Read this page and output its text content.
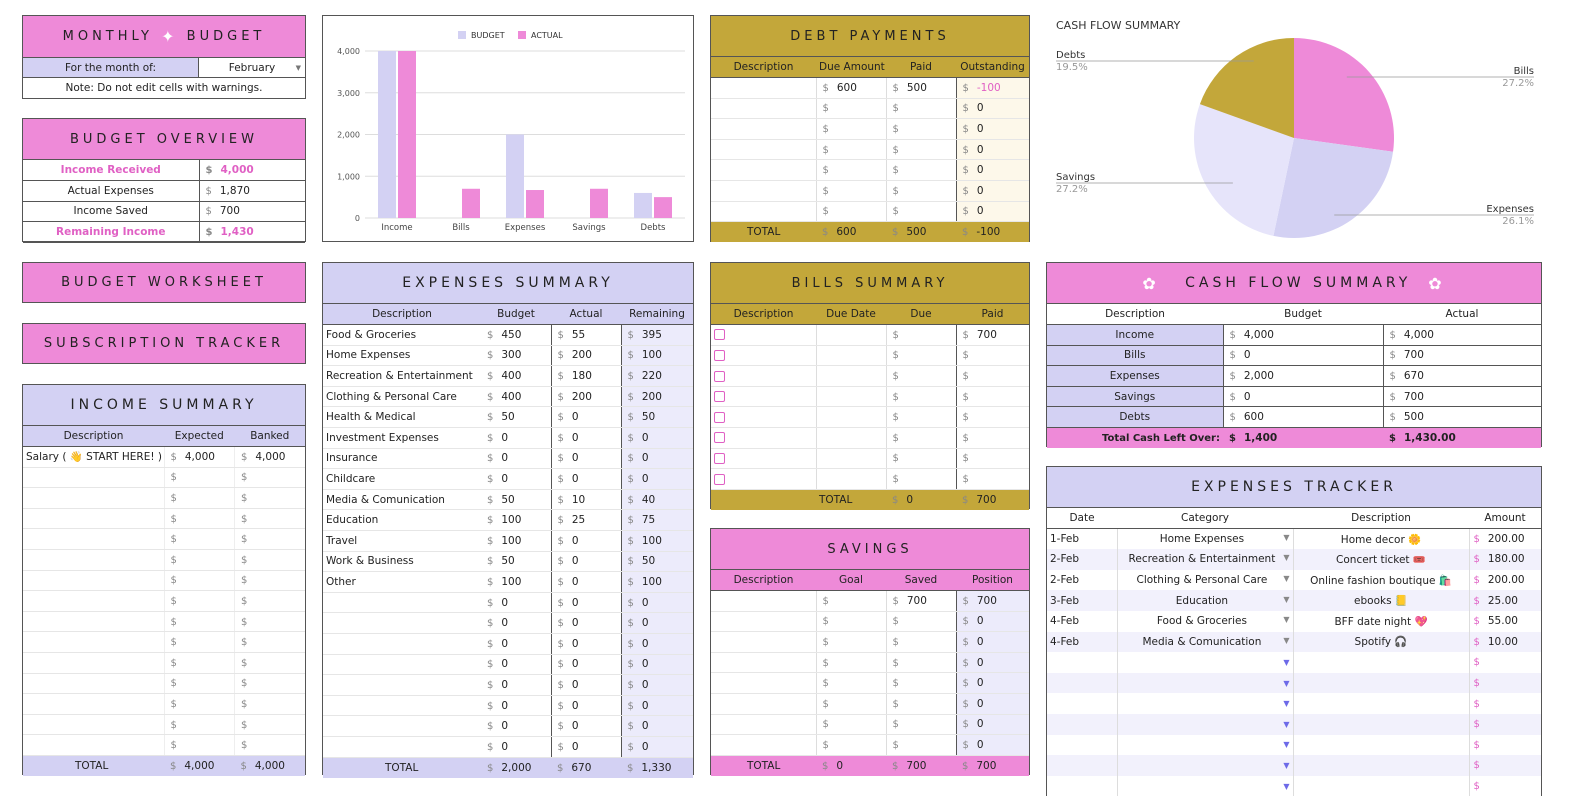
MONTHLY
✦
BUDGET
For the month of:	February	▼
Note: Do not edit cells with warnings.
BUDGET OVERVIEW
Income Received	$ 4,000
Actual Expenses	$ 1,870
Income Saved	$ 700
Remaining Income	$ 1,430
BUDGET WORKSHEET
SUBSCRIPTION TRACKER
INCOME SUMMARY
Description	Expected	Banked
Salary ( 👋 START HERE! )	$ 4,000	$ 4,000
	$	$
	$	$
	$	$
	$	$
	$	$
	$	$
	$	$
	$	$
	$	$
	$	$
	$	$
	$	$
	$	$
	$	$
TOTAL	$ 4,000	$ 4,000
4,000
3,000
2,000
1,000
0
Income	Bills	Expenses	Savings	Debts
BUDGET	ACTUAL
EXPENSES SUMMARY
Description	Budget	Actual	Remaining
Food & Groceries	$ 450	$ 55	$ 395
Home Expenses	$ 300	$ 200	$ 100
Recreation & Entertainment	$ 400	$ 180	$ 220
Clothing & Personal Care	$ 400	$ 200	$ 200
Health & Medical	$ 50	$ 0	$ 50
Investment Expenses	$ 0	$ 0	$ 0
Insurance	$ 0	$ 0	$ 0
Childcare	$ 0	$ 0	$ 0
Media & Comunication	$ 50	$ 10	$ 40
Education	$ 100	$ 25	$ 75
Travel	$ 100	$ 0	$ 100
Work & Business	$ 50	$ 0	$ 50
Other	$ 100	$ 0	$ 100
	$ 0	$ 0	$ 0
	$ 0	$ 0	$ 0
	$ 0	$ 0	$ 0
	$ 0	$ 0	$ 0
	$ 0	$ 0	$ 0
	$ 0	$ 0	$ 0
	$ 0	$ 0	$ 0
	$ 0	$ 0	$ 0
TOTAL	$ 2,000	$ 670	$ 1,330
DEBT PAYMENTS
Description	Due Amount	Paid	Outstanding
	$ 600	$ 500	$ -100
	$	$	$ 0
	$	$	$ 0
	$	$	$ 0
	$	$	$ 0
	$	$	$ 0
	$	$	$ 0
TOTAL	$ 600	$ 500	$ -100
BILLS SUMMARY
Description	Due Date	Due	Paid
		$	$ 700
		$	$
		$	$
		$	$
		$	$
		$	$
		$	$
		$	$
	TOTAL	$ 0	$ 700
SAVINGS
Description	Goal	Saved	Position
	$	$ 700	$ 700
	$	$	$ 0
	$	$	$ 0
	$	$	$ 0
	$	$	$ 0
	$	$	$ 0
	$	$	$ 0
	$	$	$ 0
TOTAL	$ 0	$ 700	$ 700
CASH FLOW SUMMARY
Bills
27.2%
Expenses
26.1%
Savings
27.2%
Debts
19.5%
✿
CASH FLOW SUMMARY
✿
Description	Budget	Actual
Income	$ 4,000	$ 4,000
Bills	$ 0	$ 700
Expenses	$ 2,000	$ 670
Savings	$ 0	$ 700
Debts	$ 600	$ 500
Total Cash Left Over:	$ 1,400	$ 1,430.00
EXPENSES TRACKER
Date	Category	Description	Amount
1-Feb	Home Expenses ▼	Home decor 🌼	$ 200.00
2-Feb	Recreation & Entertainment ▼	Concert ticket 🎟️	$ 180.00
2-Feb	Clothing & Personal Care ▼	Online fashion boutique 🛍️	$ 200.00
3-Feb	Education ▼	ebooks 📒	$ 25.00
4-Feb	Food & Groceries ▼	BFF date night 💖	$ 55.00
4-Feb	Media & Comunication ▼	Spotify 🎧	$ 10.00

	▼		$

	▼		$

	▼		$

	▼		$

	▼		$

	▼		$

	▼		$
